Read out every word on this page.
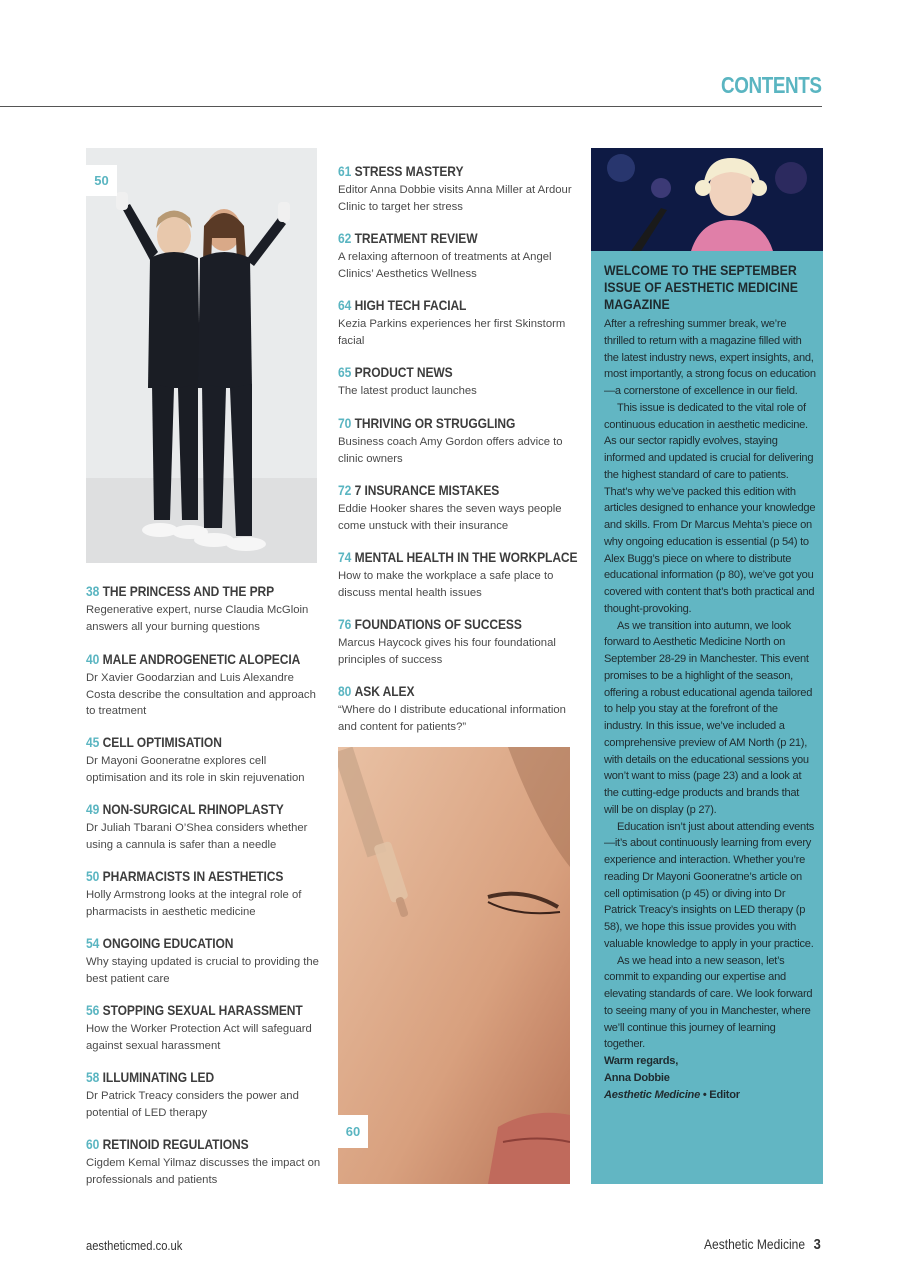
CONTENTS
50
38 THE PRINCESS AND THE PRP
Regenerative expert, nurse Claudia McGloin answers all your burning questions
40 MALE ANDROGENETIC ALOPECIA
Dr Xavier Goodarzian and Luis Alexandre Costa describe the consultation and approach to treatment
45 CELL OPTIMISATION
Dr Mayoni Gooneratne explores cell optimisation and its role in skin rejuvenation
49 NON-SURGICAL RHINOPLASTY
Dr Juliah Tbarani O’Shea considers whether using a cannula is safer than a needle
50 PHARMACISTS IN AESTHETICS
Holly Armstrong looks at the integral role of pharmacists in aesthetic medicine
54 ONGOING EDUCATION
Why staying updated is crucial to providing the best patient care
56 STOPPING SEXUAL HARASSMENT
How the Worker Protection Act will safeguard against sexual harassment
58 ILLUMINATING LED
Dr Patrick Treacy considers the power and potential of LED therapy
60 RETINOID REGULATIONS
Cigdem Kemal Yilmaz discusses the impact on professionals and patients
61 STRESS MASTERY
Editor Anna Dobbie visits Anna Miller at Ardour Clinic to target her stress
62 TREATMENT REVIEW
A relaxing afternoon of treatments at Angel Clinics’ Aesthetics Wellness
64 HIGH TECH FACIAL
Kezia Parkins experiences her first Skinstorm facial
65 PRODUCT NEWS
The latest product launches
70 THRIVING OR STRUGGLING
Business coach Amy Gordon offers advice to clinic owners
72 7 INSURANCE MISTAKES
Eddie Hooker shares the seven ways people come unstuck with their insurance
74 MENTAL HEALTH IN THE WORKPLACE
How to make the workplace a safe place to discuss mental health issues
76 FOUNDATIONS OF SUCCESS
Marcus Haycock gives his four foundational principles of success
80 ASK ALEX
“Where do I distribute educational information and content for patients?”
60
WELCOME TO THE SEPTEMBER ISSUE OF AESTHETIC MEDICINE MAGAZINE

After a refreshing summer break, we’re thrilled to return with a magazine filled with the latest industry news, expert insights, and, most importantly, a strong focus on education—a cornerstone of excellence in our field.

This issue is dedicated to the vital role of continuous education in aesthetic medicine. As our sector rapidly evolves, staying informed and updated is crucial for delivering the highest standard of care to patients. That’s why we’ve packed this edition with articles designed to enhance your knowledge and skills. From Dr Marcus Mehta’s piece on why ongoing education is essential (p 54) to Alex Bugg’s piece on where to distribute educational information (p 80), we’ve got you covered with content that’s both practical and thought-provoking.

As we transition into autumn, we look forward to Aesthetic Medicine North on September 28-29 in Manchester. This event promises to be a highlight of the season, offering a robust educational agenda tailored to help you stay at the forefront of the industry. In this issue, we’ve included a comprehensive preview of AM North (p 21), with details on the educational sessions you won’t want to miss (page 23) and a look at the cutting-edge products and brands that will be on display (p 27).

Education isn’t just about attending events—it’s about continuously learning from every experience and interaction. Whether you’re reading Dr Mayoni Gooneratne’s article on cell optimisation (p 45) or diving into Dr Patrick Treacy’s insights on LED therapy (p 58), we hope this issue provides you with valuable knowledge to apply in your practice.

As we head into a new season, let’s commit to expanding our expertise and elevating standards of care. We look forward to seeing many of you in Manchester, where we’ll continue this journey of learning together.

Warm regards,
Anna Dobbie
Aesthetic Medicine • Editor
aestheticmed.co.uk	Aesthetic Medicine 3
